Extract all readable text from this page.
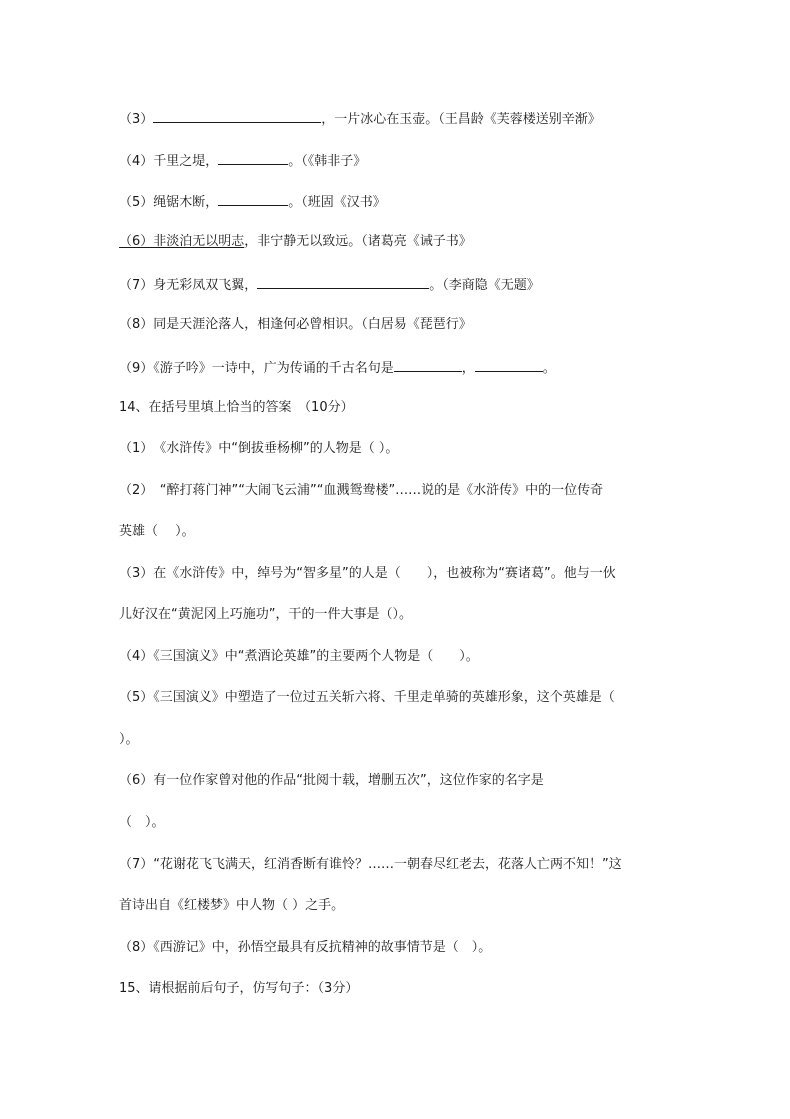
（3）	，一片冰心在玉壶。（王昌龄《芙蓉楼送别辛渐》
（4）千里之堤，	。（《韩非子》
（5）绳锯木断，	。（班固《汉书》
（6）非淡泊无以明志，非宁静无以致远。（诸葛亮《诫子书》
（7）身无彩凤双飞翼，	。（李商隐《无题》
（8）同是天涯沦落人，相逢何必曾相识。（白居易《琵琶行》
（9）《游子吟》一诗中，广为传诵的千古名句是	，	。
14、在括号里填上恰当的答案　（10分）
（1）　《水浒传》中“倒拔垂杨柳”的人物是（ ）。
（2）　“醉打蒋门神”“大闹飞云浦”“血溅鸳鸯楼”……说的是《水浒传》中的一位传奇
英雄（　 ）。
（3）在《水浒传》中，绰号为“智多星”的人是（　　），也被称为“赛诸葛”。他与一伙
儿好汉在“黄泥冈上巧施功”，干的一件大事是（）。
（4）《三国演义》中“煮酒论英雄”的主要两个人物是（　　）。
（5）《三国演义》中塑造了一位过五关斩六将、千里走单骑的英雄形象，这个英雄是（
）。
（6）有一位作家曾对他的作品“批阅十载，增删五次”，这位作家的名字是
（　）。
（7）“花谢花飞飞满天，红消香断有谁怜？……一朝春尽红老去，花落人亡两不知！”这
首诗出自《红楼梦》中人物（ ）之手。
（8）《西游记》中，孙悟空最具有反抗精神的故事情节是（　）。
15、请根据前后句子，仿写句子：（3分）
